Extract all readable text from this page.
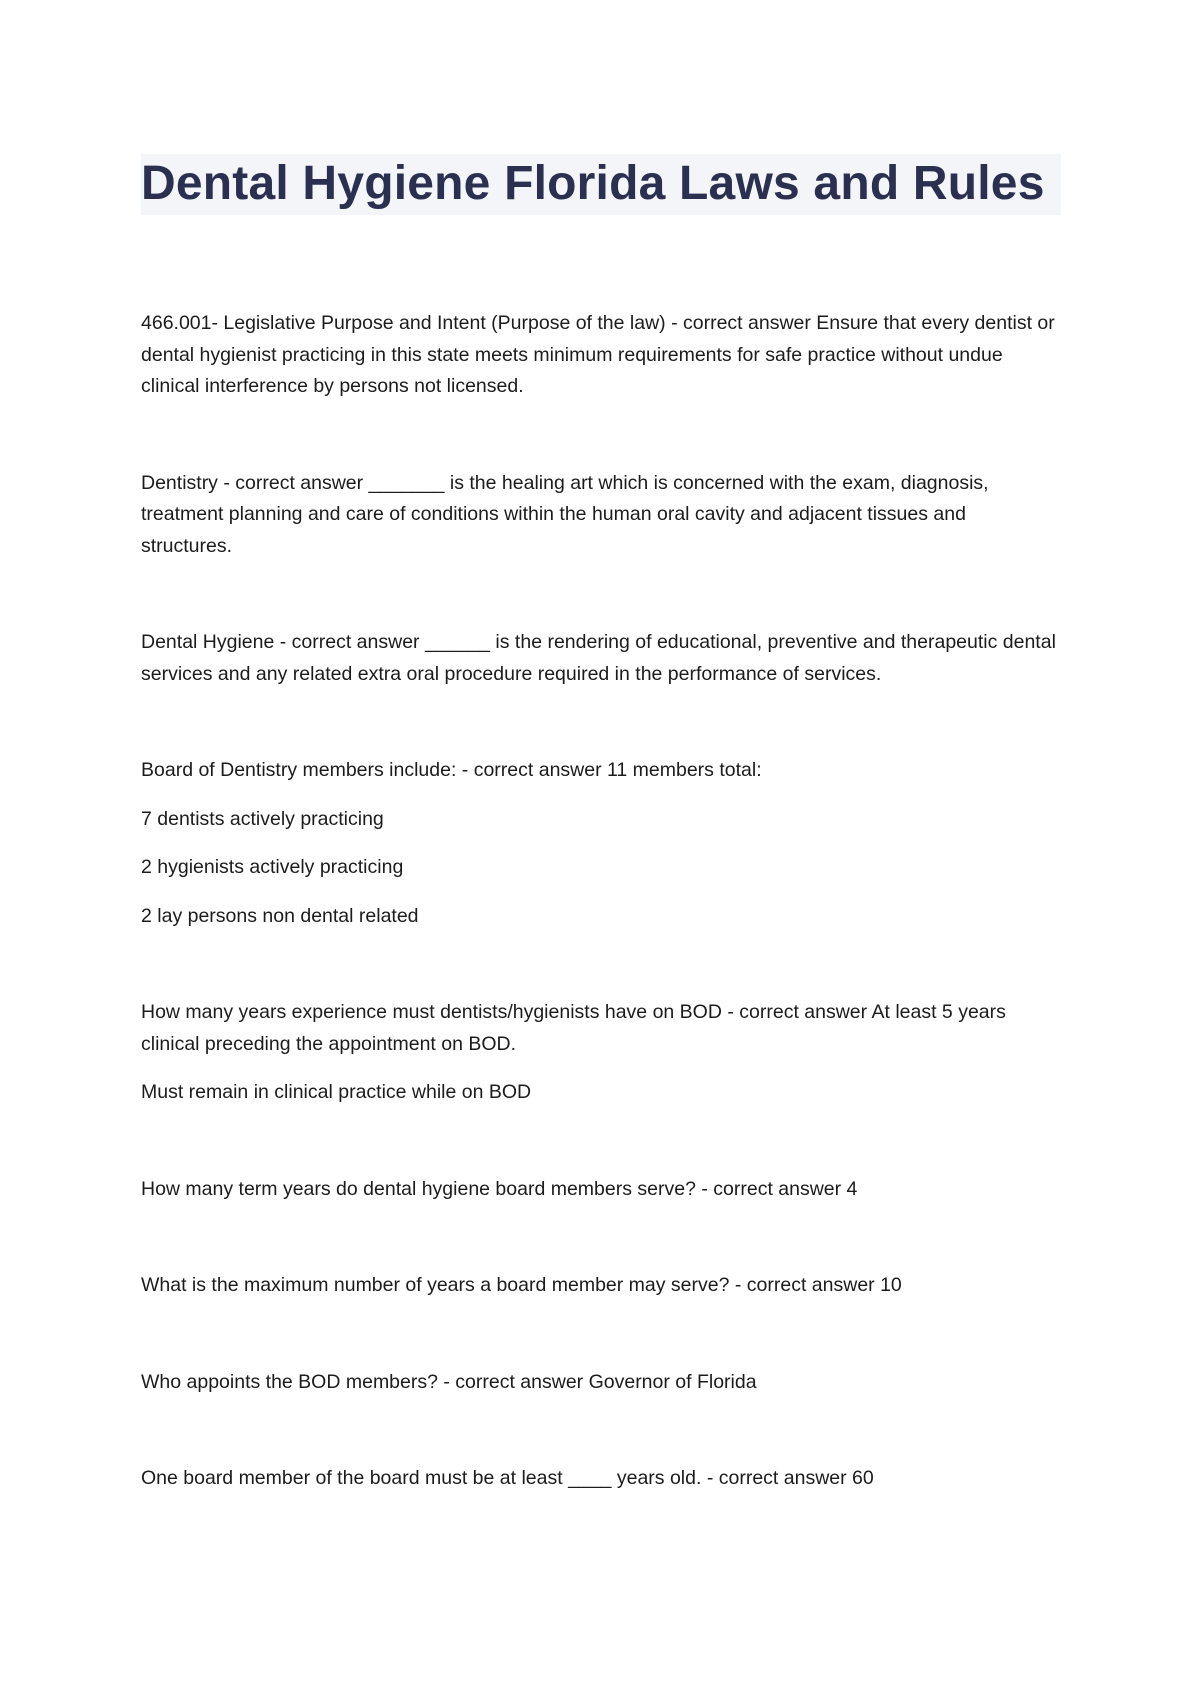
Dental Hygiene Florida Laws and Rules

466.001- Legislative Purpose and Intent (Purpose of the law) - correct answer Ensure that every dentist or dental hygienist practicing in this state meets minimum requirements for safe practice without undue clinical interference by persons not licensed.

Dentistry - correct answer _______ is the healing art which is concerned with the exam, diagnosis, treatment planning and care of conditions within the human oral cavity and adjacent tissues and structures.

Dental Hygiene - correct answer ______ is the rendering of educational, preventive and therapeutic dental services and any related extra oral procedure required in the performance of services.

Board of Dentistry members include: - correct answer 11 members total:

7 dentists actively practicing

2 hygienists actively practicing

2 lay persons non dental related

How many years experience must dentists/hygienists have on BOD - correct answer At least 5 years clinical preceding the appointment on BOD.

Must remain in clinical practice while on BOD

How many term years do dental hygiene board members serve? - correct answer 4

What is the maximum number of years a board member may serve? - correct answer 10

Who appoints the BOD members? - correct answer Governor of Florida

One board member of the board must be at least ____ years old. - correct answer 60
